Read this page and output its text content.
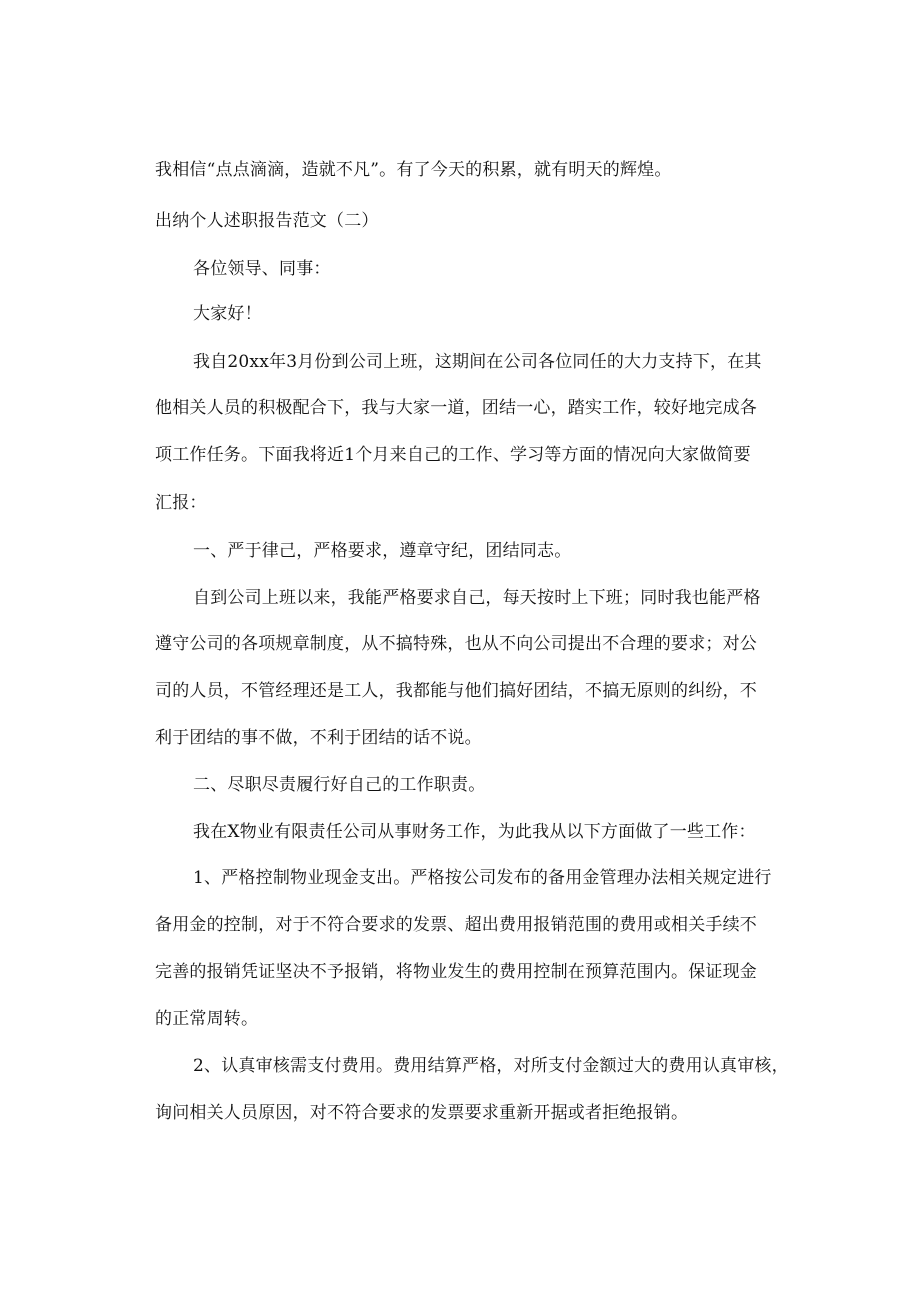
我相信“点点滴滴，造就不凡”。有了今天的积累，就有明天的辉煌。

出纳个人述职报告范文（二）

各位领导、同事：

大家好！

我自20xx年3月份到公司上班，这期间在公司各位同任的大力支持下，在其

他相关人员的积极配合下，我与大家一道，团结一心，踏实工作，较好地完成各

项工作任务。下面我将近1个月来自己的工作、学习等方面的情况向大家做简要

汇报：

一、严于律己，严格要求，遵章守纪，团结同志。

自到公司上班以来，我能严格要求自己，每天按时上下班；同时我也能严格

遵守公司的各项规章制度，从不搞特殊，也从不向公司提出不合理的要求；对公

司的人员，不管经理还是工人，我都能与他们搞好团结，不搞无原则的纠纷，不

利于团结的事不做，不利于团结的话不说。

二、尽职尽责履行好自己的工作职责。

我在X物业有限责任公司从事财务工作，为此我从以下方面做了一些工作：

1、严格控制物业现金支出。严格按公司发布的备用金管理办法相关规定进行

备用金的控制，对于不符合要求的发票、超出费用报销范围的费用或相关手续不

完善的报销凭证坚决不予报销，将物业发生的费用控制在预算范围内。保证现金

的正常周转。

2、认真审核需支付费用。费用结算严格，对所支付金额过大的费用认真审核，

询问相关人员原因，对不符合要求的发票要求重新开据或者拒绝报销。
